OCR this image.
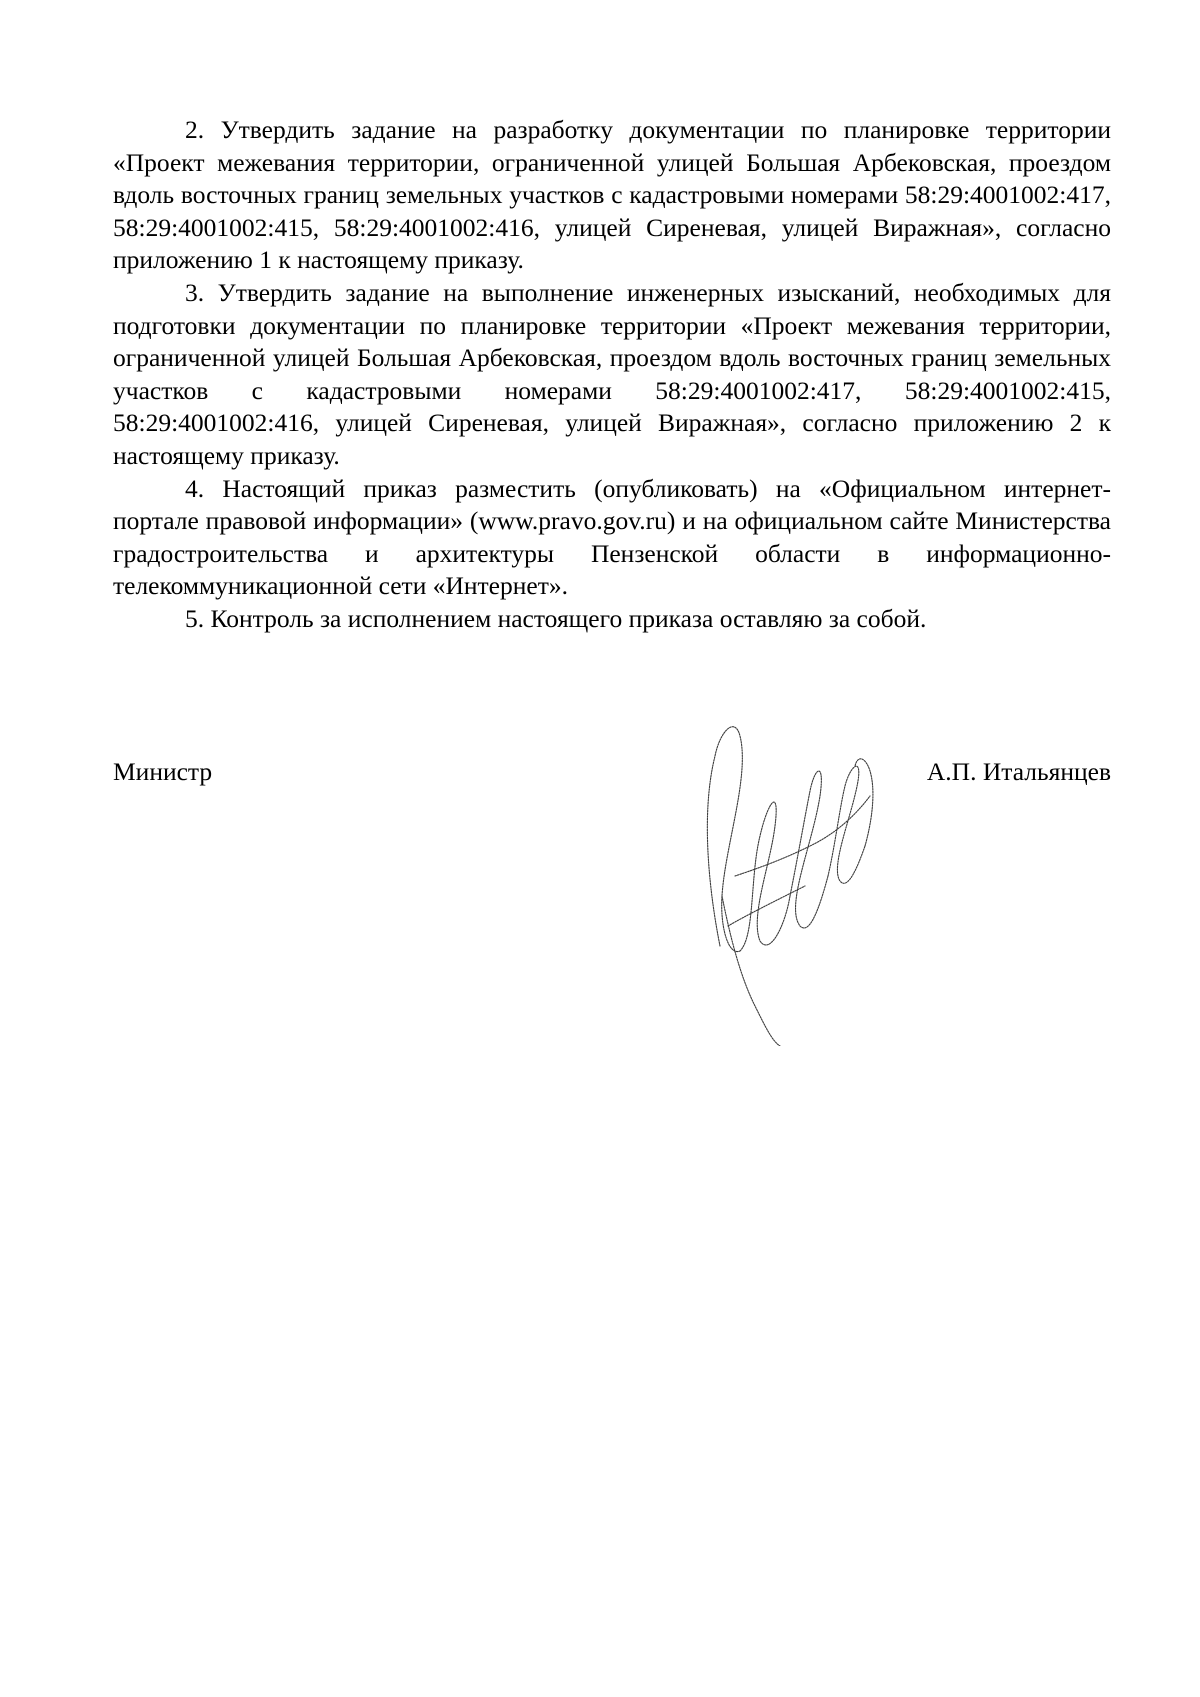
2. Утвердить задание на разработку документации по планировке территории «Проект межевания территории, ограниченной улицей Большая Арбековская, проездом вдоль восточных границ земельных участков с кадастровыми номерами 58:29:4001002:417, 58:29:4001002:415, 58:29:4001002:416, улицей Сиреневая, улицей Виражная», согласно приложению 1 к настоящему приказу.

3. Утвердить задание на выполнение инженерных изысканий, необходимых для подготовки документации по планировке территории «Проект межевания территории, ограниченной улицей Большая Арбековская, проездом вдоль восточных границ земельных участков с кадастровыми номерами 58:29:4001002:417, 58:29:4001002:415, 58:29:4001002:416, улицей Сиреневая, улицей Виражная», согласно приложению 2 к настоящему приказу.

4. Настоящий приказ разместить (опубликовать) на «Официальном интернет-портале правовой информации» (www.pravo.gov.ru) и на официальном сайте Министерства градостроительства и архитектуры Пензенской области в информационно-телекоммуникационной сети «Интернет».

5. Контроль за исполнением настоящего приказа оставляю за собой.

Министр	А.П. Итальянцев
